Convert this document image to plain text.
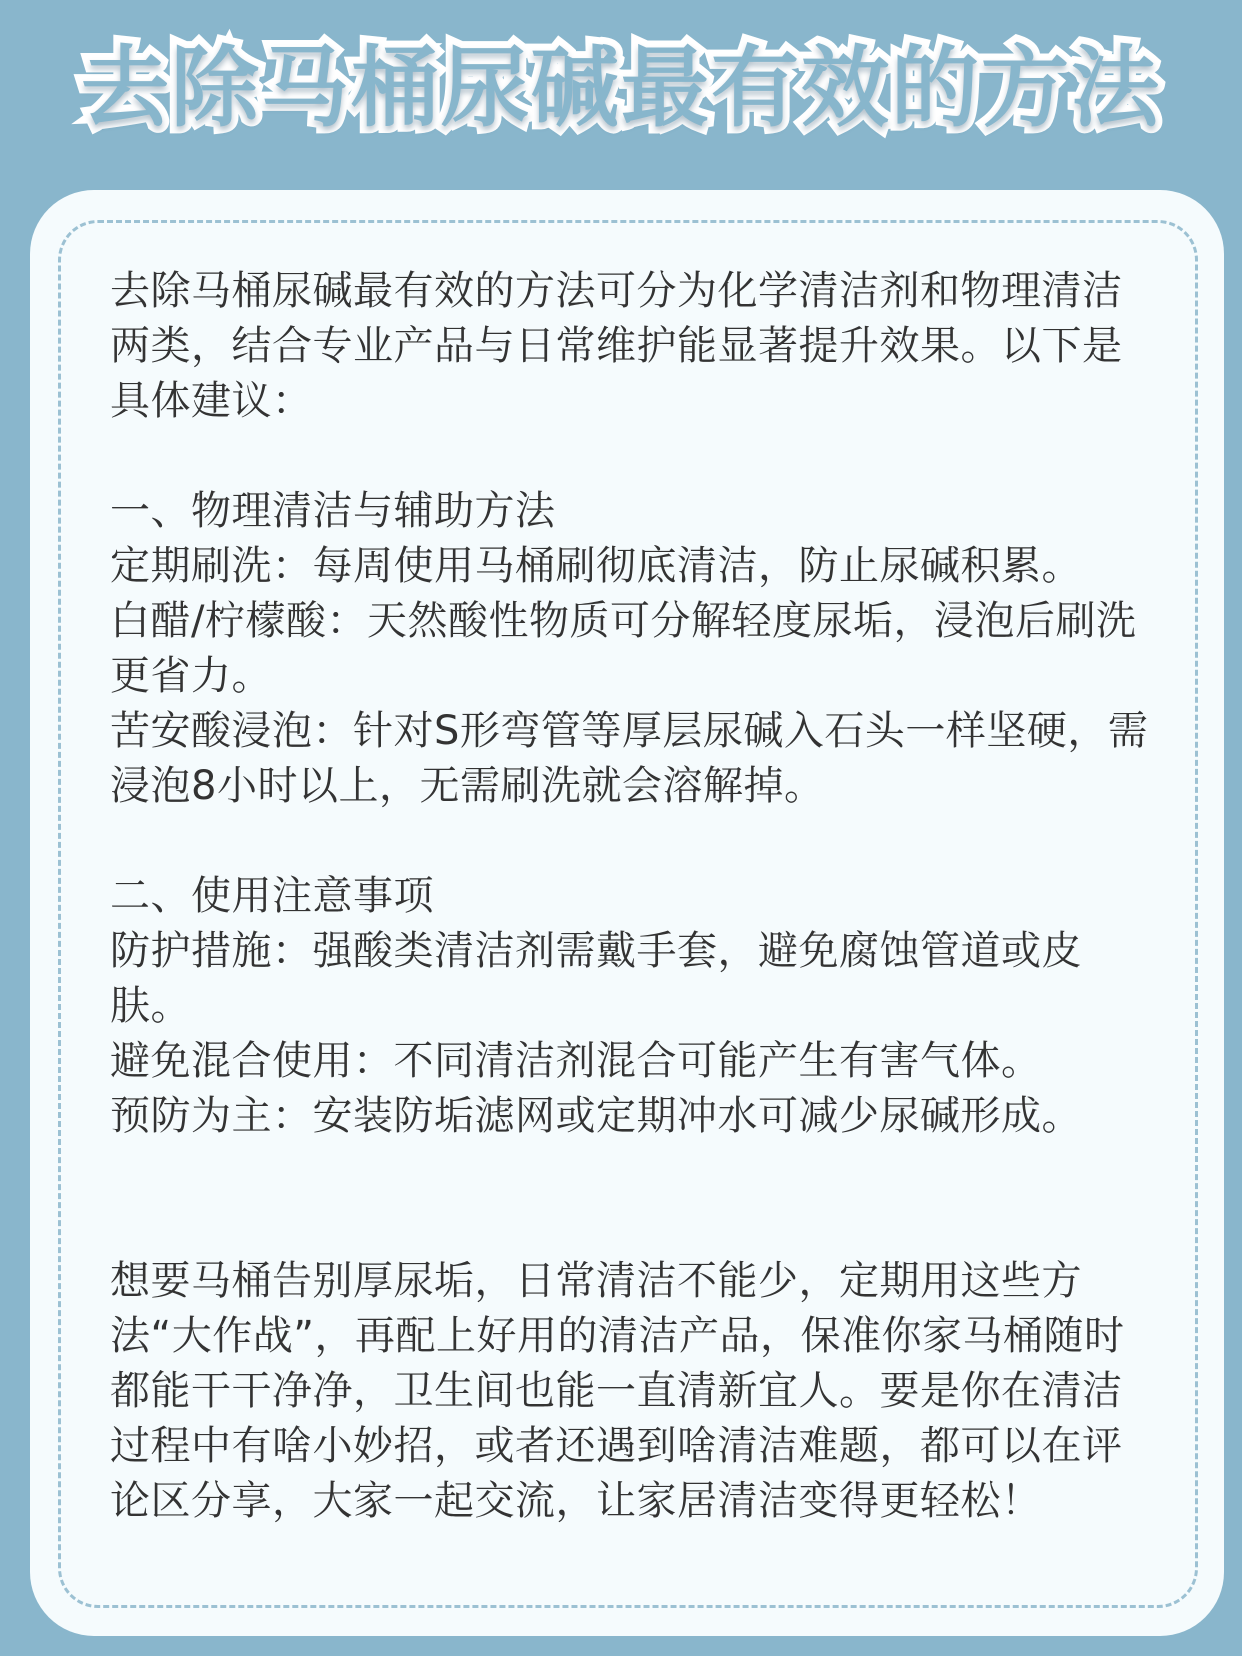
去除马桶尿碱最有效的方法

去除马桶尿碱最有效的方法可分为化学清洁剂和物理清洁两类，结合专业产品与日常维护能显著提升效果。以下是具体建议：

一、物理清洁与辅助方法

定期刷洗：每周使用马桶刷彻底清洁，防止尿碱积累。

白醋/柠檬酸：天然酸性物质可分解轻度尿垢，浸泡后刷洗更省力。

苦安酸浸泡：针对S形弯管等厚层尿碱入石头一样坚硬，需浸泡8小时以上，无需刷洗就会溶解掉。

二、使用注意事项

防护措施：强酸类清洁剂需戴手套，避免腐蚀管道或皮肤。

避免混合使用：不同清洁剂混合可能产生有害气体。

预防为主：安装防垢滤网或定期冲水可减少尿碱形成。

想要马桶告别厚尿垢，日常清洁不能少，定期用这些方法“大作战”，再配上好用的清洁产品，保准你家马桶随时都能干干净净，卫生间也能一直清新宜人。要是你在清洁过程中有啥小妙招，或者还遇到啥清洁难题，都可以在评论区分享，大家一起交流，让家居清洁变得更轻松！
